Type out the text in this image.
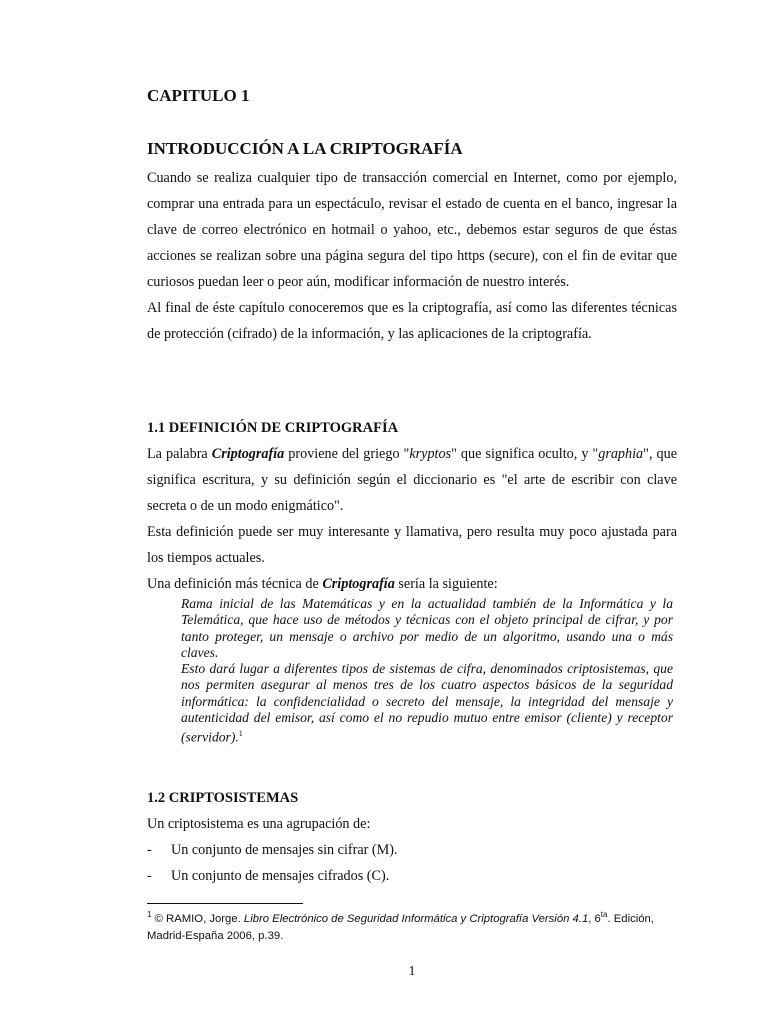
CAPITULO 1
INTRODUCCIÓN A LA CRIPTOGRAFÍA

Cuando se realiza cualquier tipo de transacción comercial en Internet, como por ejemplo, comprar una entrada para un espectáculo, revisar el estado de cuenta en el banco, ingresar la clave de correo electrónico en hotmail o yahoo, etc., debemos estar seguros de que éstas acciones se realizan sobre una página segura del tipo https (secure), con el fin de evitar que curiosos puedan leer o peor aún, modificar información de nuestro interés.

Al final de éste capítulo conoceremos que es la criptografía, así como las diferentes técnicas de protección (cifrado) de la información, y las aplicaciones de la criptografía.

1.1 DEFINICIÓN DE CRIPTOGRAFÍA

La palabra Criptografía proviene del griego "kryptos" que significa oculto, y "graphia", que significa escritura, y su definición según el diccionario es "el arte de escribir con clave secreta o de un modo enigmático".

Esta definición puede ser muy interesante y llamativa, pero resulta muy poco ajustada para los tiempos actuales.

Una definición más técnica de Criptografía sería la siguiente:

Rama inicial de las Matemáticas y en la actualidad también de la Informática y la Telemática, que hace uso de métodos y técnicas con el objeto principal de cifrar, y por tanto proteger, un mensaje o archivo por medio de un algoritmo, usando una o más claves.
Esto dará lugar a diferentes tipos de sistemas de cifra, denominados criptosistemas, que nos permiten asegurar al menos tres de los cuatro aspectos básicos de la seguridad informática: la confidencialidad o secreto del mensaje, la integridad del mensaje y autenticidad del emisor, así como el no repudio mutuo entre emisor (cliente) y receptor (servidor).$^1$
1.2 CRIPTOSISTEMAS

Un criptosistema es una agrupación de:

-	Un conjunto de mensajes sin cifrar (M).
-	Un conjunto de mensajes cifrados (C).
$^1$ © RAMIO, Jorge. Libro Electrónico de Seguridad Informática y Criptografía Versión 4.1, $6^{ta}$. Edición, Madrid-España 2006, p.39.
1
